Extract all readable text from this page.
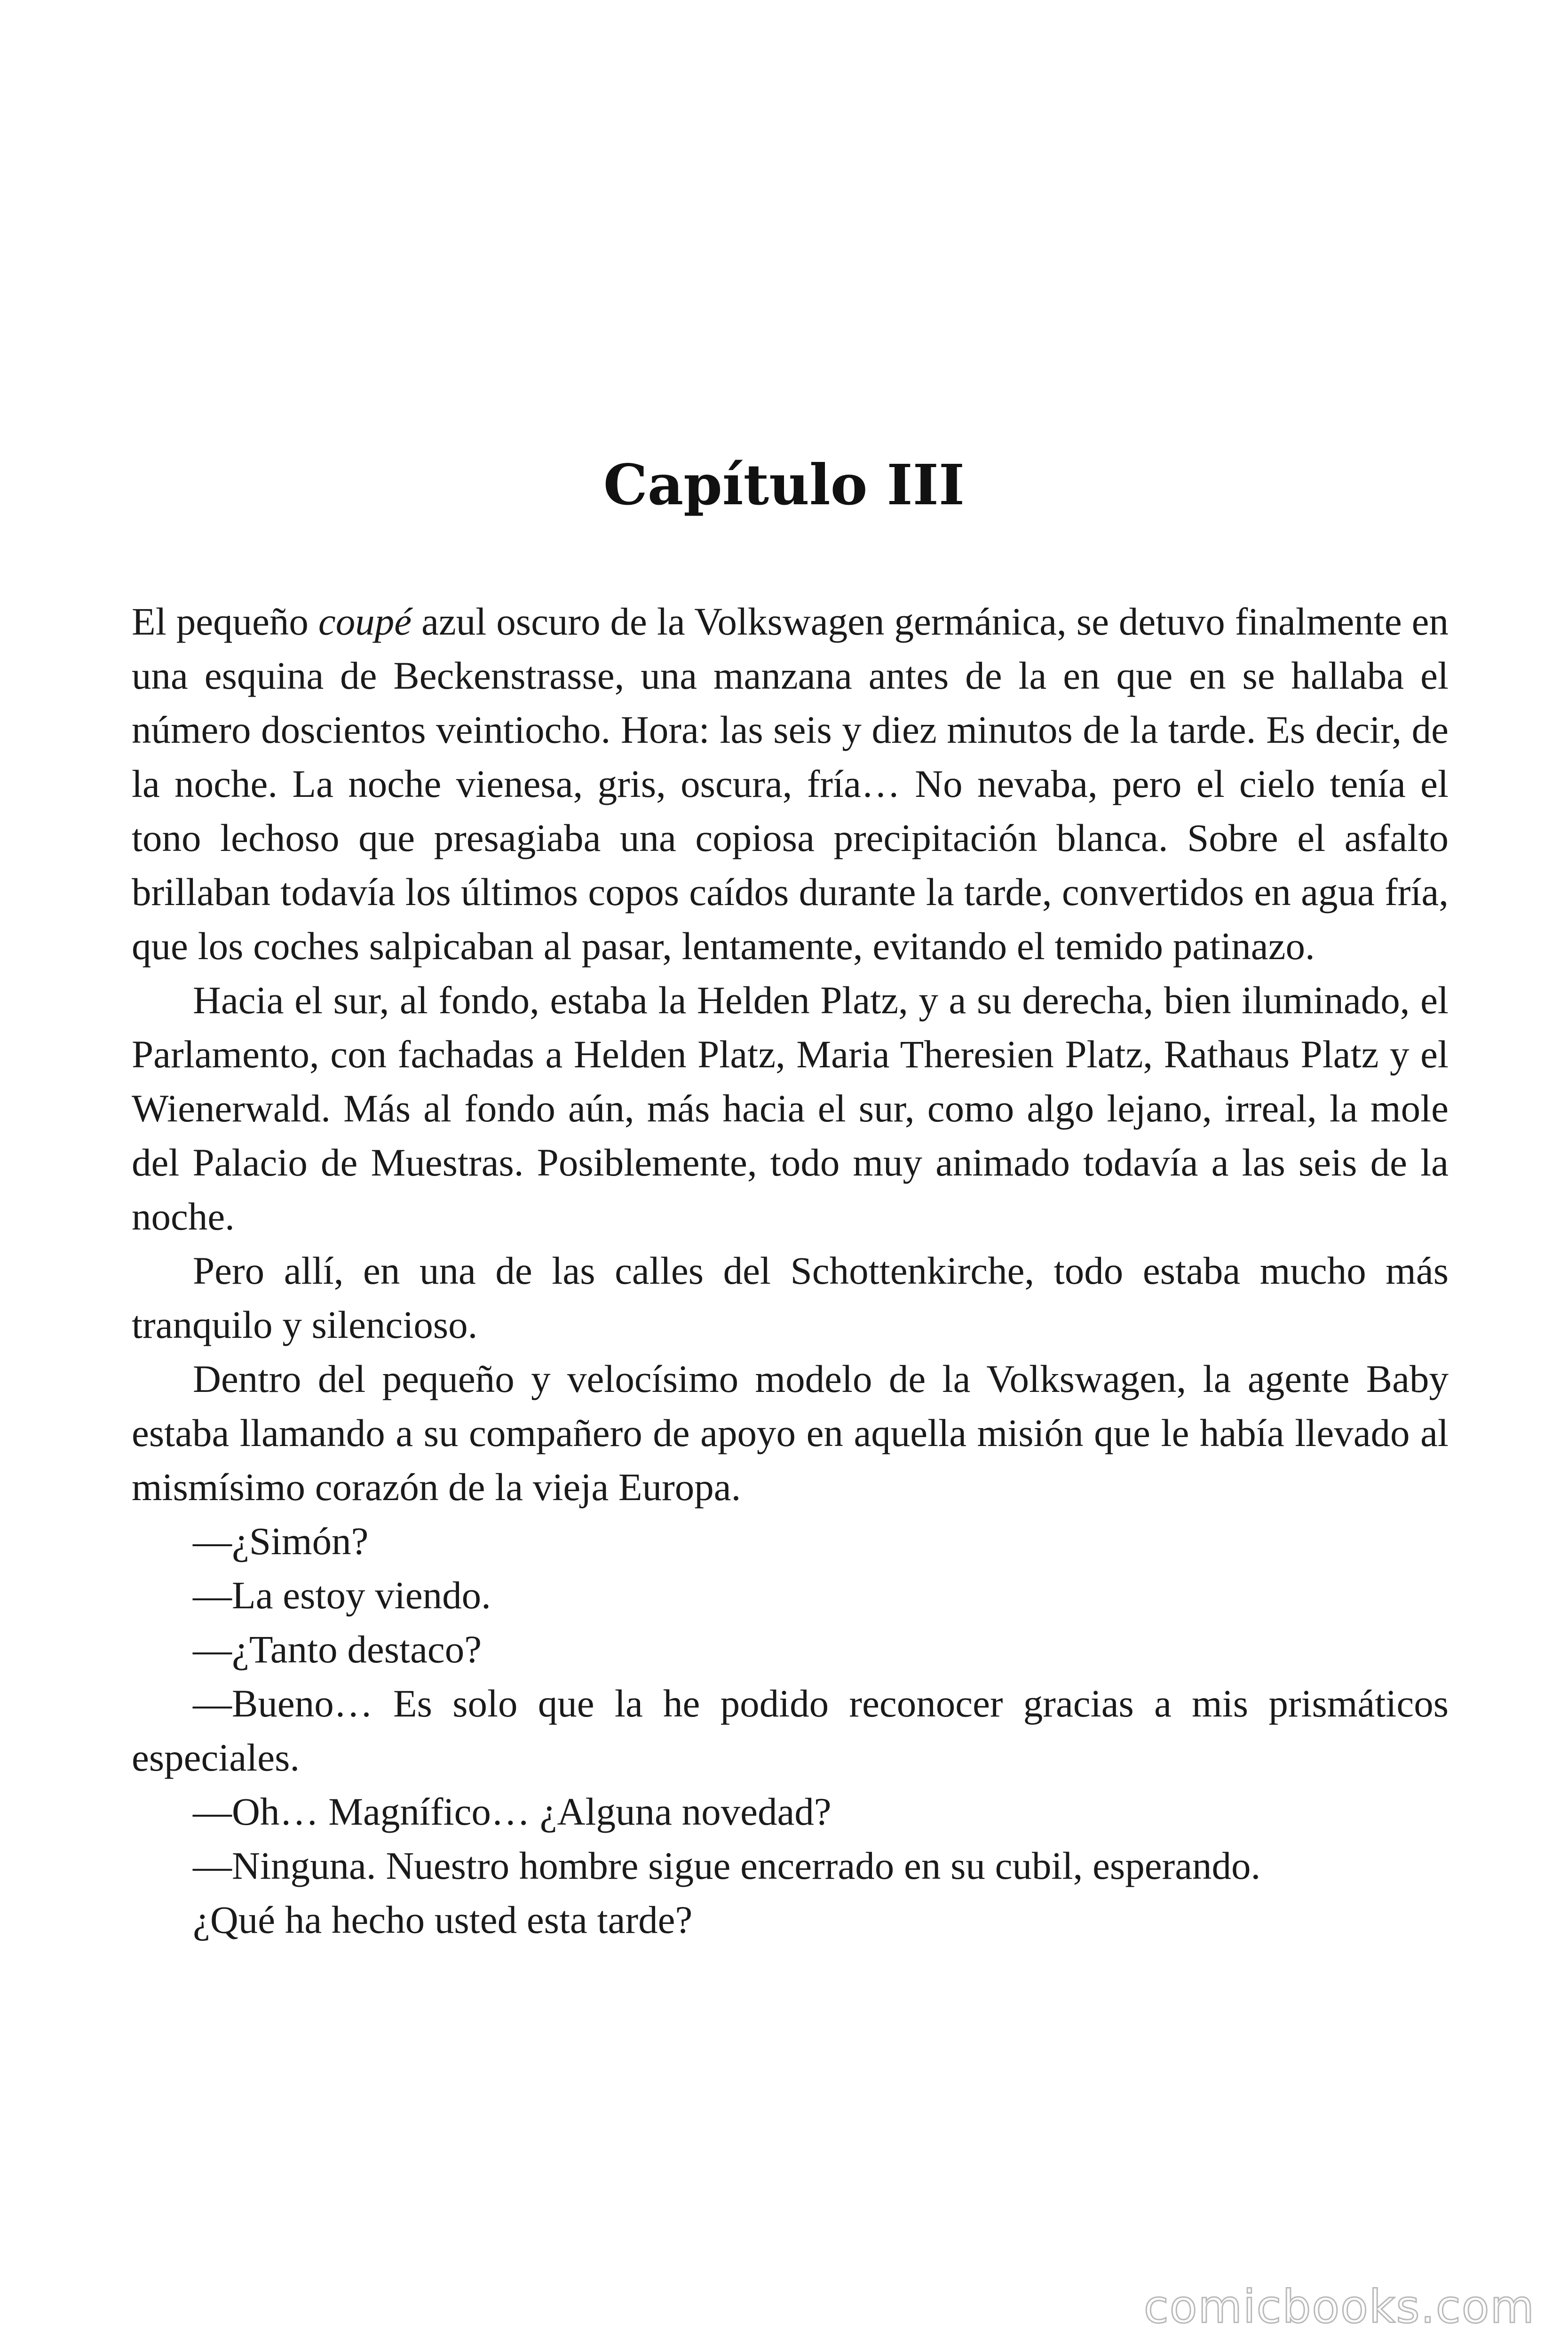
Capítulo III

El pequeño coupé azul oscuro de la Volkswagen germánica, se detuvo finalmente en una esquina de Beckenstrasse, una manzana antes de la en que en se hallaba el número doscientos veintiocho. Hora: las seis y diez minutos de la tarde. Es decir, de la noche. La noche vienesa, gris, oscura, fría… No nevaba, pero el cielo tenía el tono lechoso que presagiaba una copiosa precipitación blanca. Sobre el asfalto brillaban todavía los últimos copos caídos durante la tarde, convertidos en agua fría, que los coches salpicaban al pasar, lentamente, evitando el temido patinazo.

Hacia el sur, al fondo, estaba la Helden Platz, y a su derecha, bien iluminado, el Parlamento, con fachadas a Helden Platz, Maria Theresien Platz, Rathaus Platz y el Wienerwald. Más al fondo aún, más hacia el sur, como algo lejano, irreal, la mole del Palacio de Muestras. Posiblemente, todo muy animado todavía a las seis de la noche.

Pero allí, en una de las calles del Schottenkirche, todo estaba mucho más tranquilo y silencioso.

Dentro del pequeño y velocísimo modelo de la Volkswagen, la agente Baby estaba llamando a su compañero de apoyo en aquella misión que le había llevado al mismísimo corazón de la vieja Europa.

—¿Simón?

—La estoy viendo.

—¿Tanto destaco?

—Bueno… Es solo que la he podido reconocer gracias a mis prismáticos especiales.

—Oh… Magnífico… ¿Alguna novedad?

—Ninguna. Nuestro hombre sigue encerrado en su cubil, esperando.

¿Qué ha hecho usted esta tarde?

comicbooks.com
